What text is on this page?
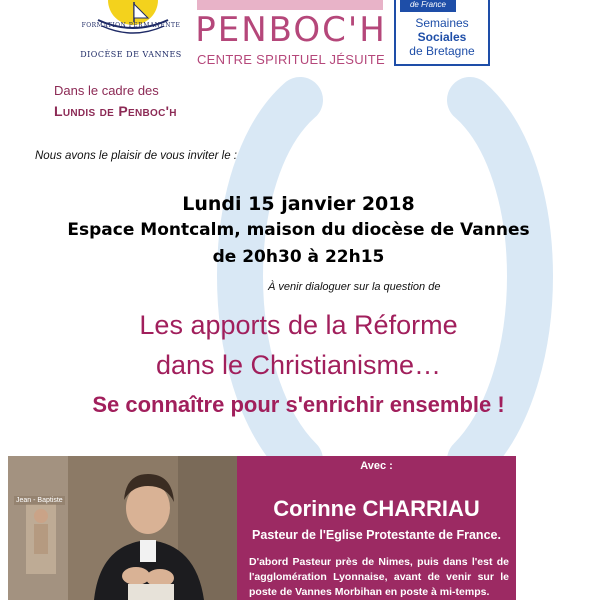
FORMATION PERMANENTE
DIOCÈSE DE VANNES
PENBOC'H
CENTRE SPIRITUEL JÉSUITE
de France
Semaines
Sociales
de Bretagne
Dans le cadre des
Lundis de Penboc'h
Nous avons le plaisir de vous inviter le :
Lundi 15 janvier 2018
Espace Montcalm, maison du diocèse de Vannes
de 20h30 à 22h15
À venir dialoguer sur la question de
Les apports de la Réforme
dans le Christianisme…
Se connaître pour s'enrichir ensemble !
Jean - Baptiste
Avec :
Corinne CHARRIAU
Pasteur de l'Eglise Protestante de France.
D'abord Pasteur près de Nimes, puis dans l'est de l'agglomération Lyonnaise, avant de venir sur le poste de Vannes Morbihan en poste à mi-temps.
